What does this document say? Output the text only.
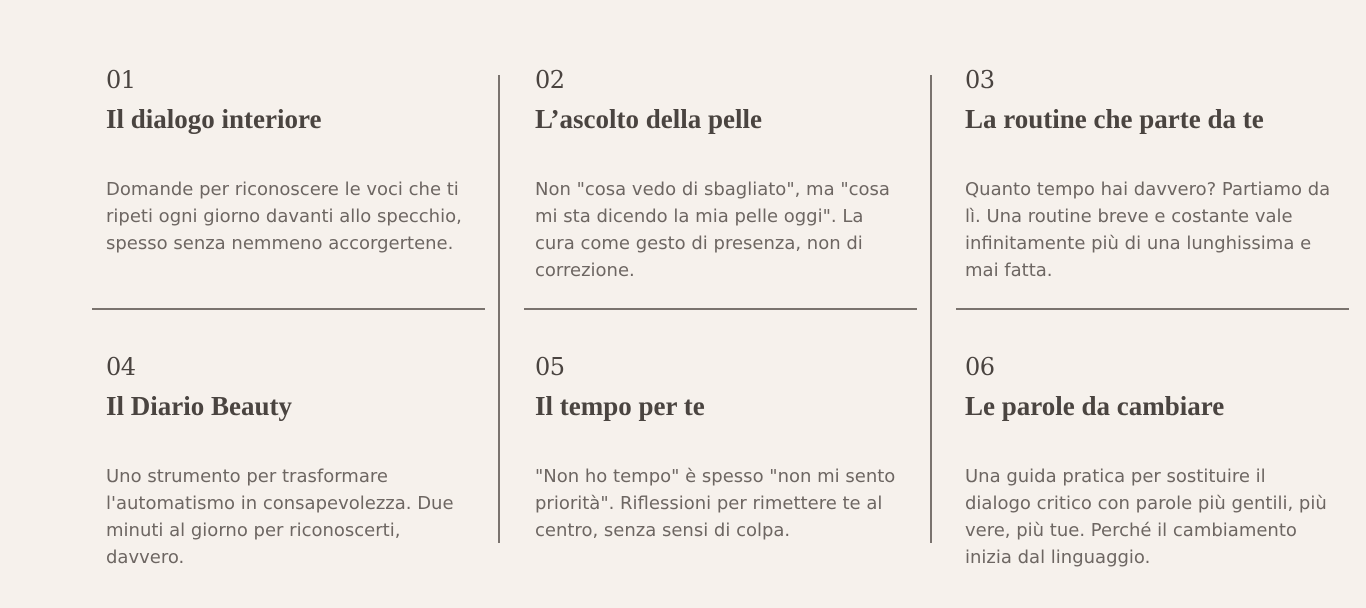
01
Il dialogo interiore
Domande per riconoscere le voci che ti ripeti ogni giorno davanti allo specchio, spesso senza nemmeno accorgertene.
02
L’ascolto della pelle
Non "cosa vedo di sbagliato", ma "cosa mi sta dicendo la mia pelle oggi". La cura come gesto di presenza, non di correzione.
03
La routine che parte da te
Quanto tempo hai davvero? Partiamo da lì. Una routine breve e costante vale infinitamente più di una lunghissima e mai fatta.
04
Il Diario Beauty
Uno strumento per trasformare l'automatismo in consapevolezza. Due minuti al giorno per riconoscerti, davvero.
05
Il tempo per te
"Non ho tempo" è spesso "non mi sento priorità". Riflessioni per rimettere te al centro, senza sensi di colpa.
06
Le parole da cambiare
Una guida pratica per sostituire il dialogo critico con parole più gentili, più vere, più tue. Perché il cambiamento inizia dal linguaggio.
